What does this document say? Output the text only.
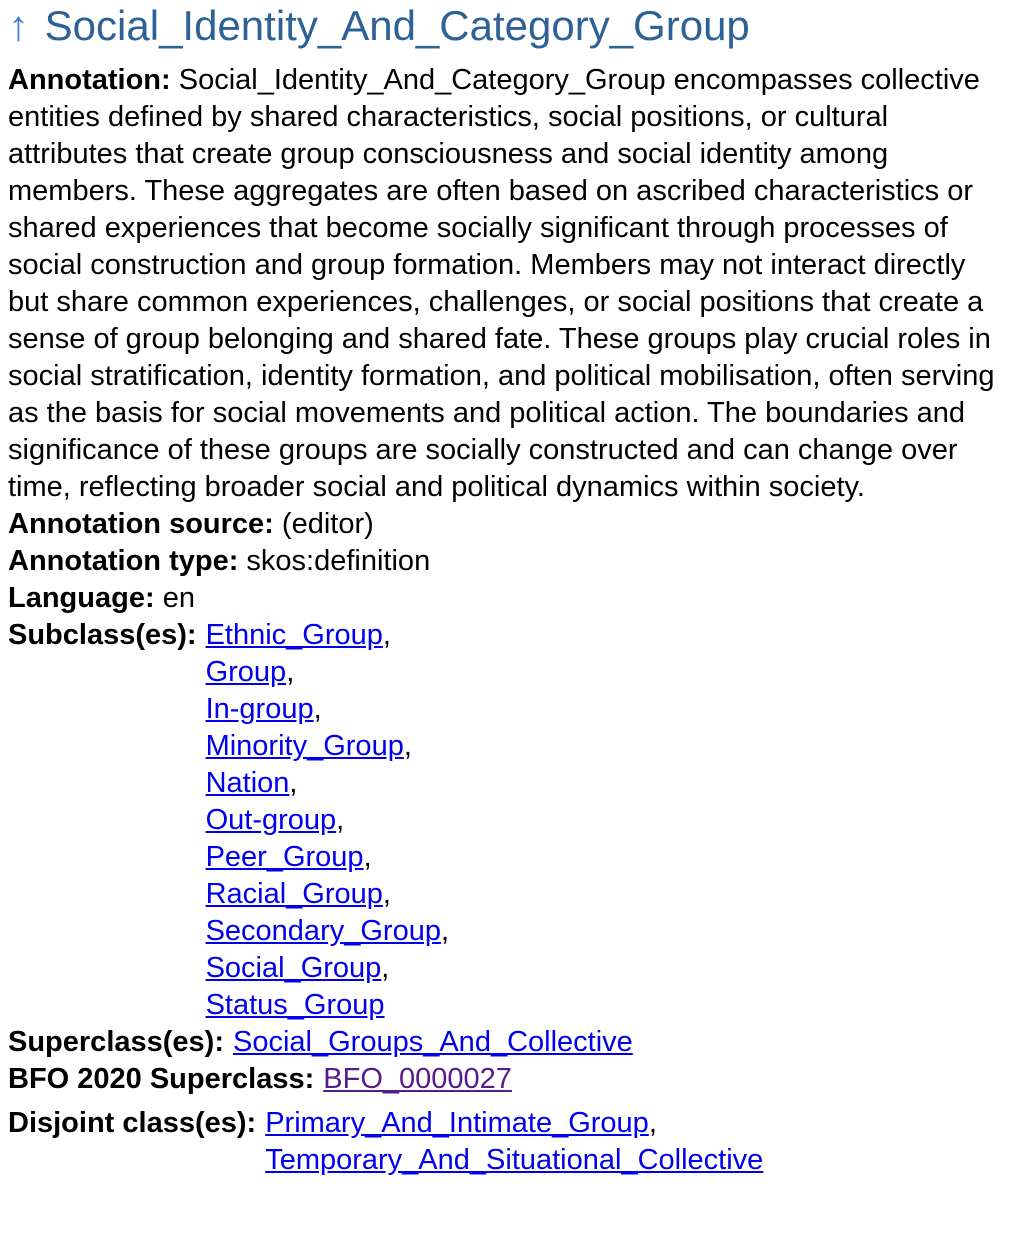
↑ Social_Identity_And_Category_Group

Annotation: Social_Identity_And_Category_Group encompasses collective entities defined by shared characteristics, social positions, or cultural attributes that create group consciousness and social identity among members. These aggregates are often based on ascribed characteristics or shared experiences that become socially significant through processes of social construction and group formation. Members may not interact directly but share common experiences, challenges, or social positions that create a sense of group belonging and shared fate. These groups play crucial roles in social stratification, identity formation, and political mobilisation, often serving as the basis for social movements and political action. The boundaries and significance of these groups are socially constructed and can change over time, reflecting broader social and political dynamics within society.

Annotation source: (editor)

Annotation type: skos:definition

Language: en

Subclass(es): Ethnic_Group,
Group,
In-group,
Minority_Group,
Nation,
Out-group,
Peer_Group,
Racial_Group,
Secondary_Group,
Social_Group,
Status_Group
Superclass(es): Social_Groups_And_Collective
BFO 2020 Superclass: BFO_0000027
Disjoint class(es): Primary_And_Intimate_Group,
Temporary_And_Situational_Collective
